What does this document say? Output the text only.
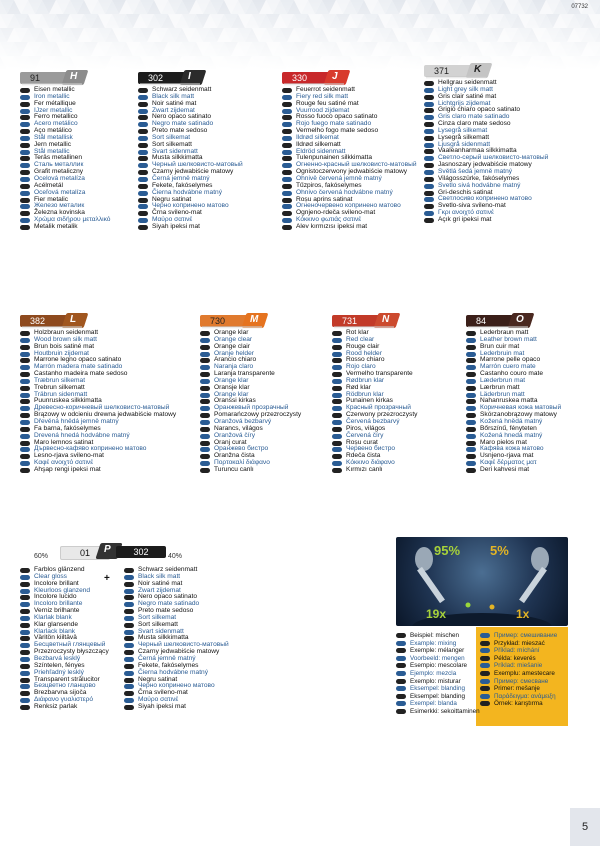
07732
91	H
Eisen metallic
Iron metallic
Fer métallique
IJzer metallic
Ferro metallico
Acero metálico
Aço metálico
Stål metallisk
Jern metallic
Stål metallic
Teräs metallinen
Сталь металлик
Grafit metaliczny
Ocelová metalíza
Acélmetál
Oceľová metalíza
Fier metalic
Железо металик
Železna kovinska
Χρώμα σιδήρου μεταλλικό
Metalik metalik
302	I
Schwarz seidenmatt
Black silk matt
Noir satiné mat
Zwart zijdemat
Nero opaco satinato
Negro mate satinado
Preto mate sedoso
Sort silkemat
Sort silkematt
Svart sidenmatt
Musta silkkimatta
Черный шелковисто-матовый
Czarny jedwabiście matowy
Černá jemně matný
Fekete, fakóselymes
Čierna hodvábne matný
Negru satinat
Черно копринено матово
Črna svileno-mat
Μαύρο σατινέ
Siyah ipeksi mat
330	J
Feuerrot seidenmatt
Fiery red silk matt
Rouge feu satiné mat
Vuurrood zijdemat
Rosso fuoco opaco satinato
Rojo fuego mate satinado
Vermelho fogo mate sedoso
Ildrød silkemat
Ildrød silkematt
Eldröd sidenmatt
Tulenpunainen silkkimatta
Огненно-красный шелковисто-матовый
Ognistoczerwony jedwabiście matowy
Ohnivě červená jemně matný
Tűzpiros, fakóselymes
Ohnivo červená hodvábne matný
Roșu aprins satinat
Огненочервено копринено матово
Ognjeno-rdeča svileno-mat
Κόκκινο φωτιάς σατινέ
Alev kırmızısı ipeksi mat
371	K
Hellgrau seidenmatt
Light grey silk matt
Gris clair satiné mat
Lichtgrijs zijdemat
Grigio chiaro opaco satinato
Gris claro mate satinado
Cinza claro mate sedoso
Lysegrå silkemat
Lysegrå silkematt
Ljusgrå sidenmatt
Vaaleanharmaa silkkimatta
Светло-серый шелковисто-матовый
Jasnoszary jedwabiście matowy
Světlá šedá jemně matný
Világosszürke, fakóselymes
Svetlo sivá hodvábne matný
Gri-deschis satinat
Светлосиво копринено матово
Svetlo-siva svileno-mat
Γκρι ανοιχτό σατινέ
Açık gri ipeksi mat
382	L
Holzbraun seidenmatt
Wood brown silk matt
Brun bois satiné mat
Houtbruin zijdemat
Marrone legno opaco satinato
Marrón madera mate satinado
Castanho madeira mate sedoso
Træbrun silkemat
Trebrun silkematt
Träbrun sidenmatt
Puunruskea silkkimatta
Древесно-коричневый шелковисто-матовый
Brązowy w odcieniu drewna jedwabiście matowy
Dřevěná hnědá jemně matný
Fa barna, fakóselymes
Drevená hnedá hodvábne matný
Maro lemnos satinat
Дървесно-кафяво копринено матово
Lesno-rjava svileno-mat
Καφέ ανοιχτό σατινέ
Ahşap rengi ipeksi mat
730	M
Orange klar
Orange clear
Orange clair
Oranje helder
Arancio chiaro
Naranja claro
Laranja transparente
Orange klar
Oransje klar
Orange klar
Oranssi kirkas
Оранжевый прозрачный
Pomarańczowy przezroczysty
Oranžová bezbarvý
Narancs, világos
Oranžová číry
Oranj curat
Оранжево бистро
Oranžna čista
Πορτοκαλί διάφανο
Turuncu canlı
731	N
Rot klar
Red clear
Rouge clair
Rood helder
Rosso chiaro
Rojo claro
Vermelho transparente
Rødbrun klar
Rød klar
Rödbrun klar
Punainen kirkas
Красный прозрачный
Czerwony przezroczysty
Červená bezbarvý
Piros, világos
Červená číry
Roșu curat
Червено бистро
Rdeča čista
Κόκκινο διάφανο
Kırmızı canlı
84	O
Lederbraun matt
Leather brown matt
Brun cuir mat
Lederbruin mat
Marrone pelle opaco
Marrón cuero mate
Castanho couro mate
Læderbrun mat
Lærbrun matt
Läderbrun matt
Nahanruskea matta
Коричневая кожа матовый
Skórzanobrązowy matowy
Kožená hnědá matný
Bőrszínű, fényteten
Kožená hnedá matný
Maro pielos mat
Кафява кожа матово
Usnjeno-rjava mat
Καφέ δέρματος ματ
Deri kahvesi mat
60%	40%
01	P	302
+
Farblos glänzend
Clear gloss
Incolore brillant
Kleurloos glanzend
Incolore lucido
Incoloro brillante
Verniz brilhante
Klarlak blank
Klar glansende
Klarlack blank
Väritön kiiltävä
Бесцветный глянцевый
Przezroczysty błyszczący
Bezbarvá lesklý
Színtelen, fényes
Priehľadný lesklý
Transparent strălucitor
Безцветно гланцово
Brezbarvna sijoča
Διάφανο γυαλιστερό
Renksiz parlak
Schwarz seidenmatt
Black silk matt
Noir satiné mat
Zwart zijdemat
Nero opaco satinato
Negro mate satinado
Preto mate sedoso
Sort silkemat
Sort silkematt
Svart sidenmatt
Musta silkkimatta
Черный шелковисто-матовый
Czarny jedwabiście matowy
Černá jemně matný
Fekete, fakóselymes
Čierna hodvábne matný
Negru satinat
Черно копринено матово
Črna svileno-mat
Μαύρο σατινέ
Siyah ipeksi mat
95% 5%
19x	1x
Beispiel: mischen
Example: mixing
Exemple: mélanger
Voorbeeld: mengen
Esempio: mescolare
Ejemplo: mezcla
Exemplo: misturar
Eksempel: blanding
Eksempel: blanding
Exempel: blanda
Esimerkki: sekoittaminen
Пример: смешивание
Przykład: mieszać
Příklad: míchání
Példa: keverés
Príklad: miešanie
Exemplu: amestecare
Пример: смесване
Primer: mešanje
Παράδειγμα: ανάμειξη
Örnek: karıştırma
5
